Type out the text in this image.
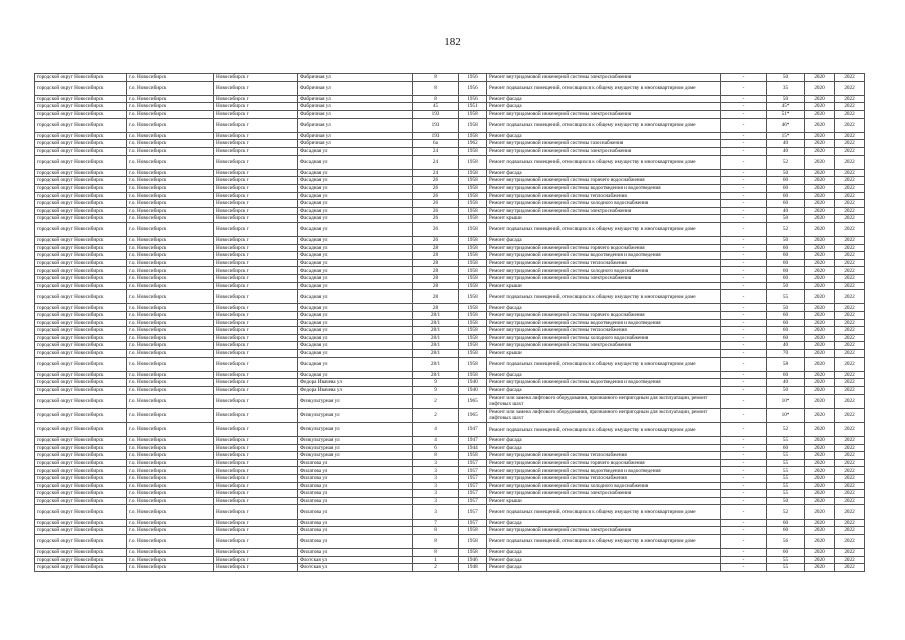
182
городской округ Новосибирск	г.о. Новосибирск	Новосибирск г	Фабричная ул	8	1956	Ремонт внутридомовой инженерной системы электроснабжения	-	50	2020	2022
городской округ Новосибирск	г.о. Новосибирск	Новосибирск г	Фабричная ул	8	1956	Ремонт подвальных помещений, относящихся к общему имуществу в многоквартирном доме	-	35	2020	2022
городской округ Новосибирск	г.о. Новосибирск	Новосибирск г	Фабричная ул	8	1956	Ремонт фасада	-	50	2020	2022
городской округ Новосибирск	г.о. Новосибирск	Новосибирск г	Фабричная ул	45	1951	Ремонт фасада	-	45*	2020	2022
городской округ Новосибирск	г.о. Новосибирск	Новосибирск г	Фабричная ул	193	1958	Ремонт внутридомовой инженерной системы электроснабжения	-	51*	2020	2022
городской округ Новосибирск	г.о. Новосибирск	Новосибирск г	Фабричная ул	193	1958	Ремонт подвальных помещений, относящихся к общему имуществу в многоквартирном доме	-	46*	2020	2022
городской округ Новосибирск	г.о. Новосибирск	Новосибирск г	Фабричная ул	193	1958	Ремонт фасада	-	15*	2020	2022
городской округ Новосибирск	г.о. Новосибирск	Новосибирск г	Фабричная ул	6а	1962	Ремонт внутридомовой инженерной системы газоснабжения	-	40	2020	2022
городской округ Новосибирск	г.о. Новосибирск	Новосибирск г	Фасадная ул	24	1958	Ремонт внутридомовой инженерной системы электроснабжения	-	40	2020	2022
городской округ Новосибирск	г.о. Новосибирск	Новосибирск г	Фасадная ул	24	1958	Ремонт подвальных помещений, относящихся к общему имуществу в многоквартирном доме	-	52	2020	2022
городской округ Новосибирск	г.о. Новосибирск	Новосибирск г	Фасадная ул	24	1958	Ремонт фасада	-	50	2020	2022
городской округ Новосибирск	г.о. Новосибирск	Новосибирск г	Фасадная ул	26	1958	Ремонт внутридомовой инженерной системы горячего водоснабжения	-	60	2020	2022
городской округ Новосибирск	г.о. Новосибирск	Новосибирск г	Фасадная ул	26	1958	Ремонт внутридомовой инженерной системы водоотведения и водоотведения	-	60	2020	2022
городской округ Новосибирск	г.о. Новосибирск	Новосибирск г	Фасадная ул	26	1958	Ремонт внутридомовой инженерной системы теплоснабжения	-	60	2020	2022
городской округ Новосибирск	г.о. Новосибирск	Новосибирск г	Фасадная ул	26	1958	Ремонт внутридомовой инженерной системы холодного водоснабжения	-	60	2020	2022
городской округ Новосибирск	г.о. Новосибирск	Новосибирск г	Фасадная ул	26	1958	Ремонт внутридомовой инженерной системы электроснабжения	-	40	2020	2022
городской округ Новосибирск	г.о. Новосибирск	Новосибирск г	Фасадная ул	26	1958	Ремонт крыши	-	50	2020	2022
городской округ Новосибирск	г.о. Новосибирск	Новосибирск г	Фасадная ул	26	1958	Ремонт подвальных помещений, относящихся к общему имуществу в многоквартирном доме	-	52	2020	2022
городской округ Новосибирск	г.о. Новосибирск	Новосибирск г	Фасадная ул	26	1958	Ремонт фасада	-	50	2020	2022
городской округ Новосибирск	г.о. Новосибирск	Новосибирск г	Фасадная ул	28	1958	Ремонт внутридомовой инженерной системы горячего водоснабжения	-	60	2020	2022
городской округ Новосибирск	г.о. Новосибирск	Новосибирск г	Фасадная ул	28	1958	Ремонт внутридомовой инженерной системы водоотведения и водоотведения	-	60	2020	2022
городской округ Новосибирск	г.о. Новосибирск	Новосибирск г	Фасадная ул	28	1958	Ремонт внутридомовой инженерной системы теплоснабжения	-	60	2020	2022
городской округ Новосибирск	г.о. Новосибирск	Новосибирск г	Фасадная ул	28	1958	Ремонт внутридомовой инженерной системы холодного водоснабжения	-	60	2020	2022
городской округ Новосибирск	г.о. Новосибирск	Новосибирск г	Фасадная ул	28	1958	Ремонт внутридомовой инженерной системы электроснабжения	-	60	2020	2022
городской округ Новосибирск	г.о. Новосибирск	Новосибирск г	Фасадная ул	28	1958	Ремонт крыши	-	50	2020	2022
городской округ Новосибирск	г.о. Новосибирск	Новосибирск г	Фасадная ул	28	1958	Ремонт подвальных помещений, относящихся к общему имуществу в многоквартирном доме	-	55	2020	2022
городской округ Новосибирск	г.о. Новосибирск	Новосибирск г	Фасадная ул	28	1958	Ремонт фасада	-	50	2020	2022
городской округ Новосибирск	г.о. Новосибирск	Новосибирск г	Фасадная ул	28/1	1958	Ремонт внутридомовой инженерной системы горячего водоснабжения	-	60	2020	2022
городской округ Новосибирск	г.о. Новосибирск	Новосибирск г	Фасадная ул	28/1	1958	Ремонт внутридомовой инженерной системы водоотведения и водоотведения	-	60	2020	2022
городской округ Новосибирск	г.о. Новосибирск	Новосибирск г	Фасадная ул	28/1	1958	Ремонт внутридомовой инженерной системы теплоснабжения	-	60	2020	2022
городской округ Новосибирск	г.о. Новосибирск	Новосибирск г	Фасадная ул	28/1	1958	Ремонт внутридомовой инженерной системы холодного водоснабжения	-	60	2020	2022
городской округ Новосибирск	г.о. Новосибирск	Новосибирск г	Фасадная ул	28/1	1958	Ремонт внутридомовой инженерной системы электроснабжения	-	40	2020	2022
городской округ Новосибирск	г.о. Новосибирск	Новосибирск г	Фасадная ул	28/1	1958	Ремонт крыши	-	70	2020	2022
городской округ Новосибирск	г.о. Новосибирск	Новосибирск г	Фасадная ул	28/1	1958	Ремонт подвальных помещений, относящихся к общему имуществу в многоквартирном доме	-	58	2020	2022
городской округ Новосибирск	г.о. Новосибирск	Новосибирск г	Фасадная ул	28/1	1958	Ремонт фасада	-	60	2020	2022
городской округ Новосибирск	г.о. Новосибирск	Новосибирск г	Федора Ивачева ул	9	1940	Ремонт внутридомовой инженерной системы водоотведения и водоотведения	-	40	2020	2022
городской округ Новосибирск	г.о. Новосибирск	Новосибирск г	Федора Ивачева ул	9	1940	Ремонт фасада	-	50	2020	2022
городской округ Новосибирск	г.о. Новосибирск	Новосибирск г	Физкультурная ул	2	1965	Ремонт или замена лифтового оборудования, признанного непригодным для эксплуатации, ремонт лифтовых шахт	-	10*	2020	2022
городской округ Новосибирск	г.о. Новосибирск	Новосибирск г	Физкультурная ул	2	1965	Ремонт или замена лифтового оборудования, признанного непригодным для эксплуатации, ремонт лифтовых шахт	-	10*	2020	2022
городской округ Новосибирск	г.о. Новосибирск	Новосибирск г	Физкультурная ул	4	1947	Ремонт подвальных помещений, относящихся к общему имуществу в многоквартирном доме	-	52	2020	2022
городской округ Новосибирск	г.о. Новосибирск	Новосибирск г	Физкультурная ул	4	1947	Ремонт фасада	-	55	2020	2022
городской округ Новосибирск	г.о. Новосибирск	Новосибирск г	Физкультурная ул	6	1944	Ремонт фасада	-	60	2020	2022
городской округ Новосибирск	г.о. Новосибирск	Новосибирск г	Физкультурная ул	8	1958	Ремонт внутридомовой инженерной системы теплоснабжения	-	55	2020	2022
городской округ Новосибирск	г.о. Новосибирск	Новосибирск г	Филатова ул	3	1957	Ремонт внутридомовой инженерной системы горячего водоснабжения	-	55	2020	2022
городской округ Новосибирск	г.о. Новосибирск	Новосибирск г	Филатова ул	3	1957	Ремонт внутридомовой инженерной системы водоотведения и водоотведения	-	55	2020	2022
городской округ Новосибирск	г.о. Новосибирск	Новосибирск г	Филатова ул	3	1957	Ремонт внутридомовой инженерной системы теплоснабжения	-	55	2020	2022
городской округ Новосибирск	г.о. Новосибирск	Новосибирск г	Филатова ул	3	1957	Ремонт внутридомовой инженерной системы холодного водоснабжения	-	55	2020	2022
городской округ Новосибирск	г.о. Новосибирск	Новосибирск г	Филатова ул	3	1957	Ремонт внутридомовой инженерной системы электроснабжения	-	55	2020	2022
городской округ Новосибирск	г.о. Новосибирск	Новосибирск г	Филатова ул	3	1957	Ремонт крыши	-	50	2020	2022
городской округ Новосибирск	г.о. Новосибирск	Новосибирск г	Филатова ул	3	1957	Ремонт подвальных помещений, относящихся к общему имуществу в многоквартирном доме	-	52	2020	2022
городской округ Новосибирск	г.о. Новосибирск	Новосибирск г	Филатова ул	7	1957	Ремонт фасада	-	60	2020	2022
городской округ Новосибирск	г.о. Новосибирск	Новосибирск г	Филатова ул	8	1958	Ремонт внутридомовой инженерной системы электроснабжения	-	60	2020	2022
городской округ Новосибирск	г.о. Новосибирск	Новосибирск г	Филатова ул	8	1958	Ремонт подвальных помещений, относящихся к общему имуществу в многоквартирном доме	-	56	2020	2022
городской округ Новосибирск	г.о. Новосибирск	Новосибирск г	Филатова ул	8	1958	Ремонт фасада	-	60	2020	2022
городской округ Новосибирск	г.о. Новосибирск	Новосибирск г	Флотская ул	1	1946	Ремонт фасада	-	55	2020	2022
городской округ Новосибирск	г.о. Новосибирск	Новосибирск г	Флотская ул	2	1948	Ремонт фасада	-	55	2020	2022
